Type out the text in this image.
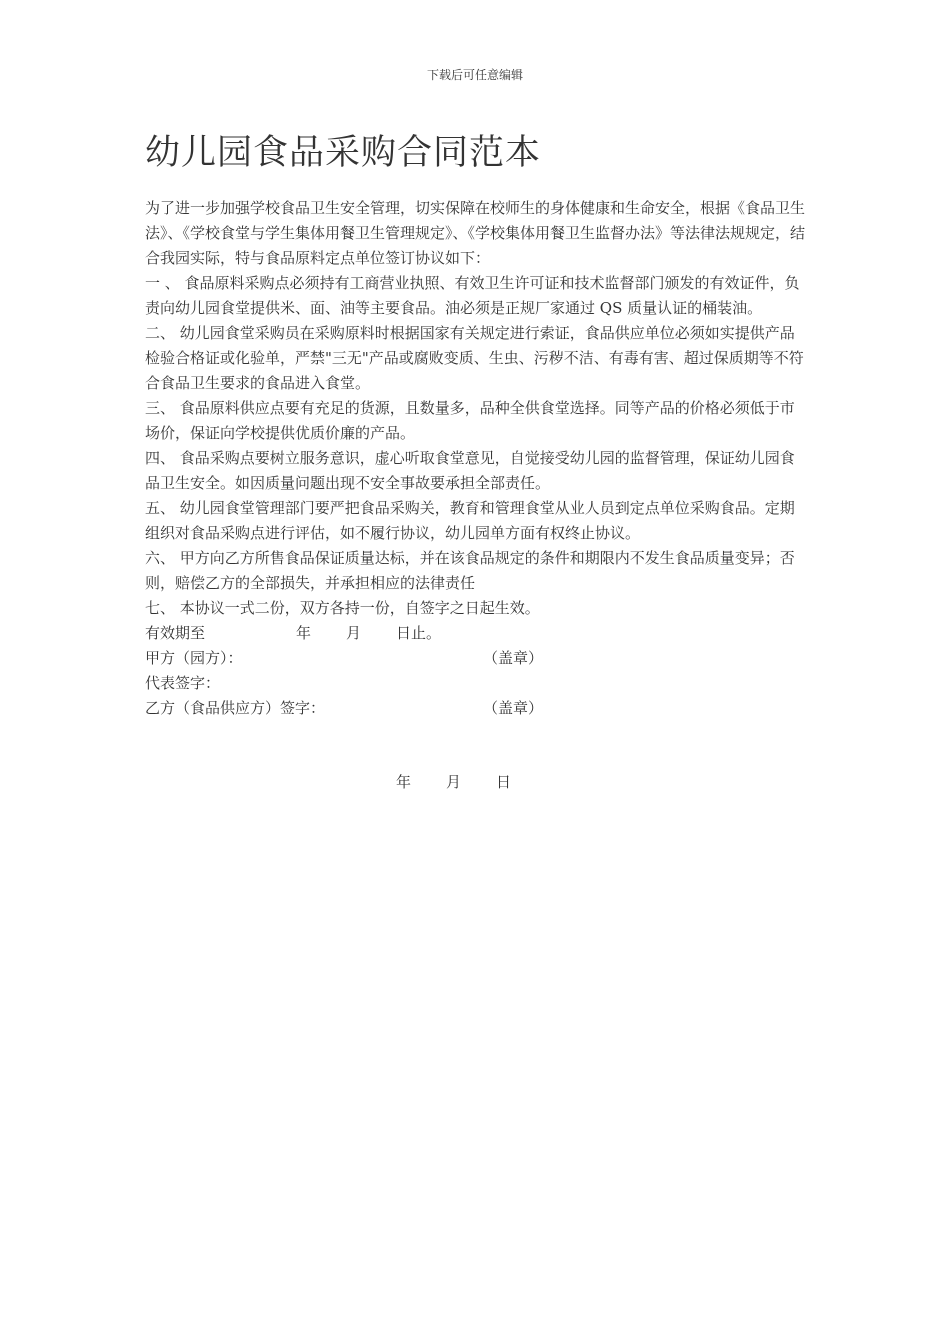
下载后可任意编辑
幼儿园食品采购合同范本

为了进一步加强学校食品卫生安全管理，切实保障在校师生的身体健康和生命安全，根据《食品卫生法》、《学校食堂与学生集体用餐卫生管理规定》、《学校集体用餐卫生监督办法》等法律法规规定，结合我园实际，特与食品原料定点单位签订协议如下：

一 、 食品原料采购点必须持有工商营业执照、有效卫生许可证和技术监督部门颁发的有效证件，负责向幼儿园食堂提供米、面、油等主要食品。油必须是正规厂家通过 QS 质量认证的桶装油。

二、 幼儿园食堂采购员在采购原料时根据国家有关规定进行索证，食品供应单位必须如实提供产品检验合格证或化验单，严禁"三无"产品或腐败变质、生虫、污秽不洁、有毒有害、超过保质期等不符合食品卫生要求的食品进入食堂。

三、 食品原料供应点要有充足的货源，且数量多，品种全供食堂选择。同等产品的价格必须低于市场价，保证向学校提供优质价廉的产品。

四、 食品采购点要树立服务意识，虚心听取食堂意见，自觉接受幼儿园的监督管理，保证幼儿园食品卫生安全。如因质量问题出现不安全事故要承担全部责任。

五、 幼儿园食堂管理部门要严把食品采购关，教育和管理食堂从业人员到定点单位采购食品。定期组织对食品采购点进行评估，如不履行协议，幼儿园单方面有权终止协议。

六、 甲方向乙方所售食品保证质量达标，并在该食品规定的条件和期限内不发生食品质量变异；否则，赔偿乙方的全部损失，并承担相应的法律责任

七、 本协议一式二份，双方各持一份，自签字之日起生效。

有效期至	年 月 日止。
甲方（园方）：	（盖章）
代表签字：
乙方（食品供应方）签字：	（盖章）
年 月 日
